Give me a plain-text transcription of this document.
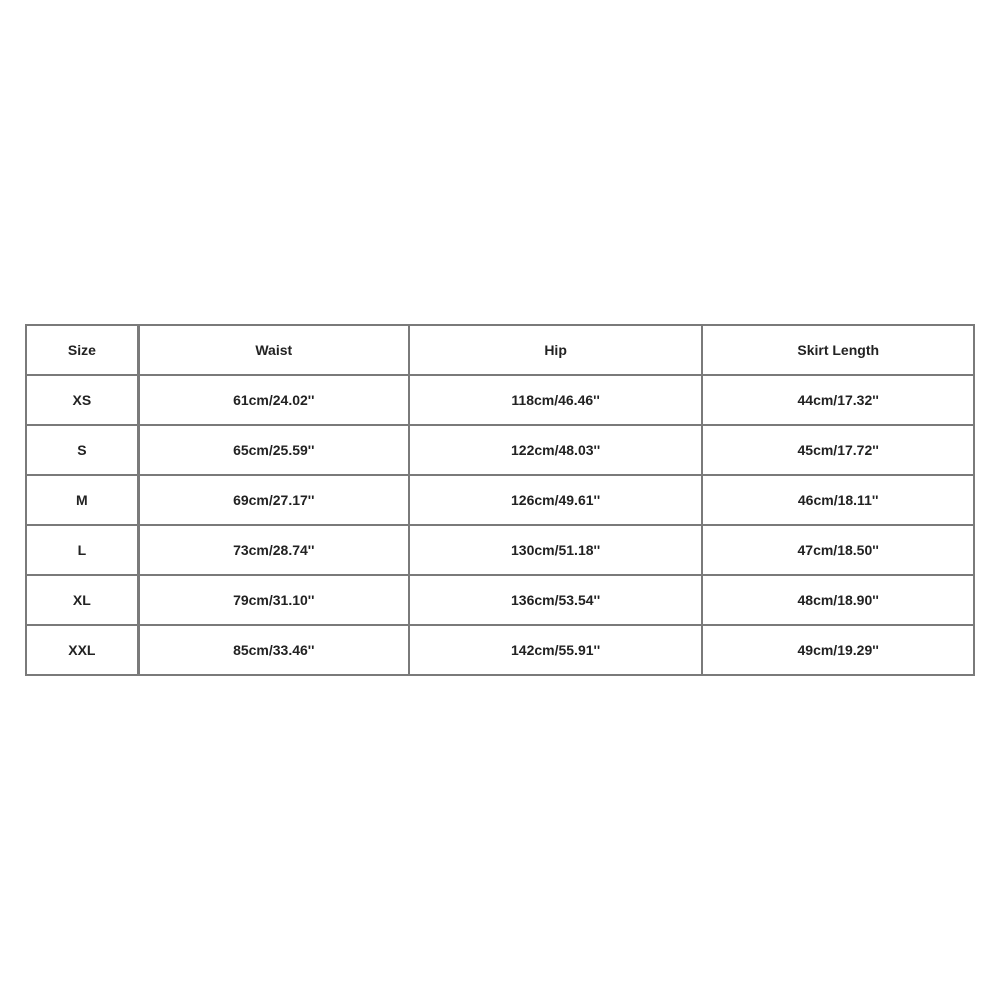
Size	Waist	Hip	Skirt Length
XS	61cm/24.02''	118cm/46.46''	44cm/17.32''
S	65cm/25.59''	122cm/48.03''	45cm/17.72''
M	69cm/27.17''	126cm/49.61''	46cm/18.11''
L	73cm/28.74''	130cm/51.18''	47cm/18.50''
XL	79cm/31.10''	136cm/53.54''	48cm/18.90''
XXL	85cm/33.46''	142cm/55.91''	49cm/19.29''
